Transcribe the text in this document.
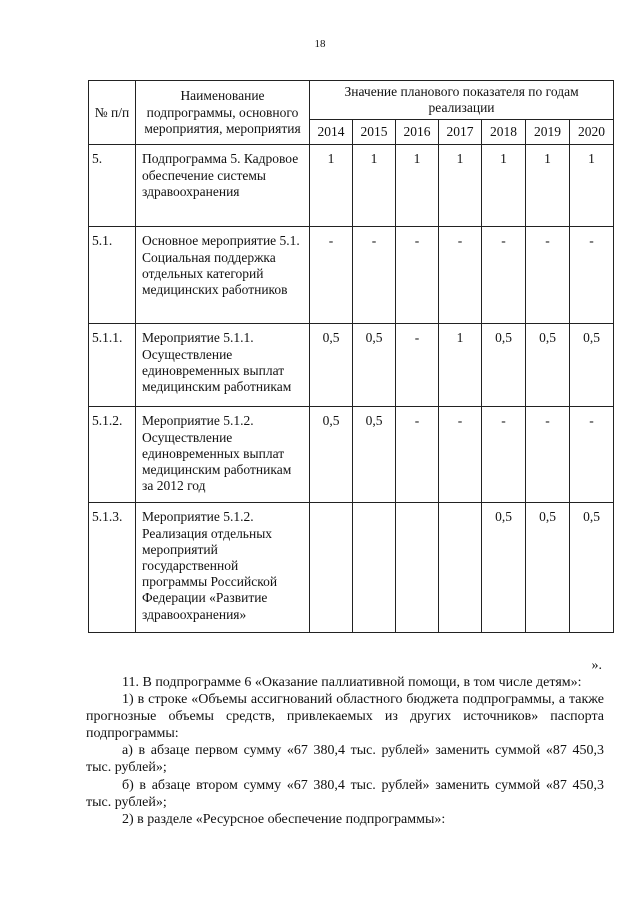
18
№ п/п	Наименование подпрограммы, основного мероприятия, мероприятия	Значение планового показателя по годам реализации						
		2014	2015	2016	2017	2018	2019	2020
5.	Подпрограмма 5. Кадровое обеспечение системы здравоохранения	1	1	1	1	1	1	1
5.1.	Основное мероприятие 5.1. Социальная поддержка отдельных категорий медицинских работников	-	-	-	-	-	-	-
5.1.1.	Мероприятие 5.1.1. Осуществление единовременных выплат медицинским работникам	0,5	0,5	-	1	0,5	0,5	0,5
5.1.2.	Мероприятие 5.1.2. Осуществление единовременных выплат медицинским работникам за 2012 год	0,5	0,5	-	-	-	-	-
5.1.3.	Мероприятие 5.1.2. Реализация отдельных мероприятий государственной программы Российской Федерации «Развитие здравоохранения»					0,5	0,5	0,5

».

11. В подпрограмме 6 «Оказание паллиативной помощи, в том числе детям»:

1) в строке «Объемы ассигнований областного бюджета подпрограммы, а также прогнозные объемы средств, привлекаемых из других источников» паспорта подпрограммы:

а) в абзаце первом сумму «67 380,4 тыс. рублей» заменить суммой «87 450,3 тыс. рублей»;

б) в абзаце втором сумму «67 380,4 тыс. рублей» заменить суммой «87 450,3 тыс. рублей»;

2) в разделе «Ресурсное обеспечение подпрограммы»:
